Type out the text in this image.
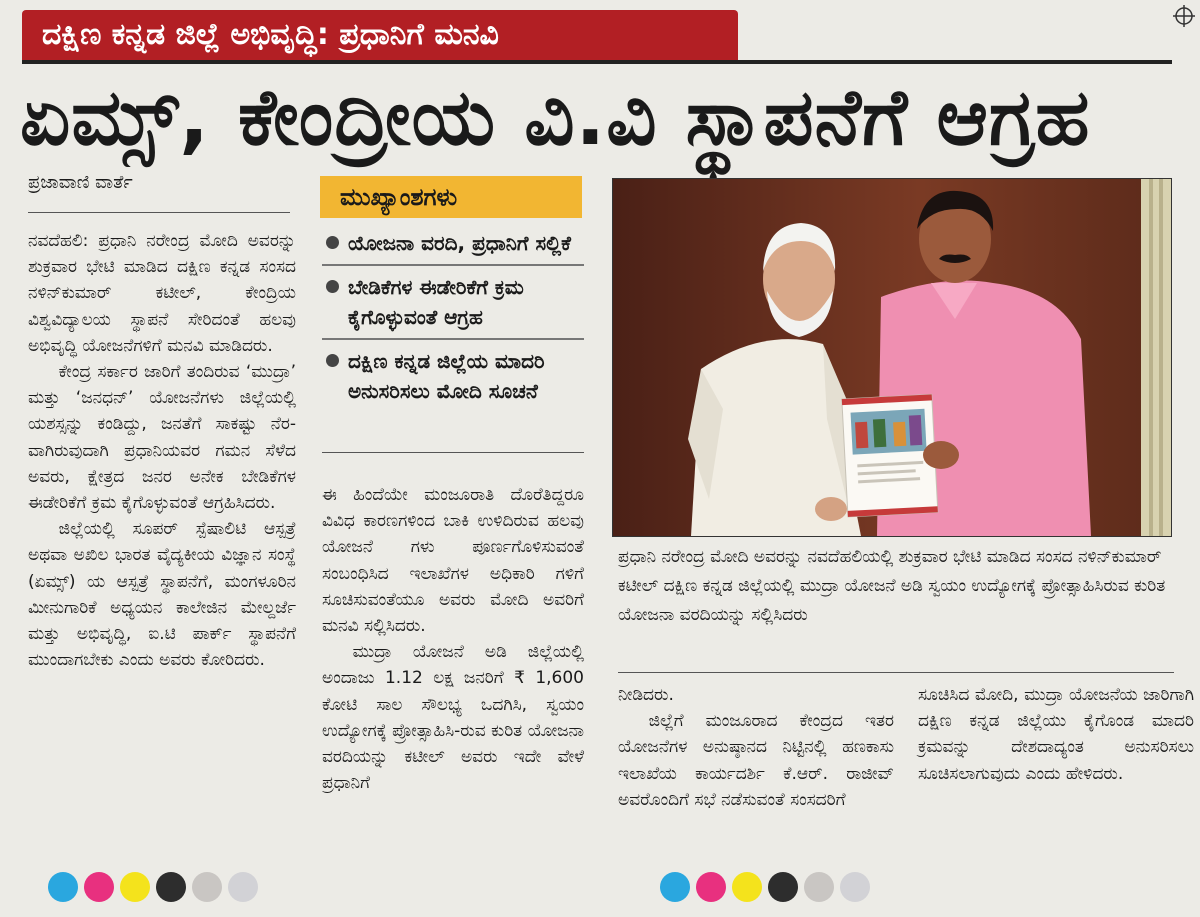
ದಕ್ಷಿಣ ಕನ್ನಡ ಜಿಲ್ಲೆ ಅಭಿವೃದ್ಧಿ: ಪ್ರಧಾನಿಗೆ ಮನವಿ
ಏಮ್ಸ್, ಕೇಂದ್ರೀಯ ವಿ.ವಿ ಸ್ಥಾಪನೆಗೆ ಆಗ್ರಹ
ಪ್ರಜಾವಾಣಿ ವಾರ್ತೆ

ನವದೆಹಲಿ: ಪ್ರಧಾನಿ ನರೇಂದ್ರ ಮೋದಿ ಅವರನ್ನು ಶುಕ್ರವಾರ ಭೇಟಿ ಮಾಡಿದ ದಕ್ಷಿಣ ಕನ್ನಡ ಸಂಸದ ನಳಿನ್‌ಕುಮಾರ್ ಕಟೀಲ್, ಕೇಂದ್ರಿಯ ವಿಶ್ವವಿದ್ಯಾಲಯ ಸ್ಥಾಪನೆ ಸೇರಿದಂತೆ ಹಲವು ಅಭಿವೃದ್ಧಿ ಯೋಜನೆಗಳಿಗೆ ಮನವಿ ಮಾಡಿದರು.

ಕೇಂದ್ರ ಸರ್ಕಾರ ಜಾರಿಗೆ ತಂದಿರುವ ‘ಮುದ್ರಾ’ ಮತ್ತು ‘ಜನಧನ್’ ಯೋಜನೆಗಳು ಜಿಲ್ಲೆಯಲ್ಲಿ ಯಶಸ್ಸನ್ನು ಕಂಡಿದ್ದು, ಜನತೆಗೆ ಸಾಕಷ್ಟು ನೆರ-ವಾಗಿರುವುದಾಗಿ ಪ್ರಧಾನಿಯವರ ಗಮನ ಸೆಳೆದ ಅವರು, ಕ್ಷೇತ್ರದ ಜನರ ಅನೇಕ ಬೇಡಿಕೆಗಳ ಈಡೇರಿಕೆಗೆ ಕ್ರಮ ಕೈಗೊಳ್ಳುವಂತೆ ಆಗ್ರಹಿಸಿದರು.

ಜಿಲ್ಲೆಯಲ್ಲಿ ಸೂಪರ್ ಸ್ಪೆಷಾಲಿಟಿ ಆಸ್ಪತ್ರೆ ಅಥವಾ ಅಖಿಲ ಭಾರತ ವೈದ್ಯಕೀಯ ವಿಜ್ಞಾನ ಸಂಸ್ಥೆ (ಏಮ್ಸ್) ಯ ಆಸ್ಪತ್ರೆ ಸ್ಥಾಪನೆಗೆ, ಮಂಗಳೂರಿನ ಮೀನುಗಾರಿಕೆ ಅಧ್ಯಯನ ಕಾಲೇಜಿನ ಮೇಲ್ದರ್ಜೆ ಮತ್ತು ಅಭಿವೃದ್ಧಿ, ಐ.ಟಿ ಪಾರ್ಕ್ ಸ್ಥಾಪನೆಗೆ ಮುಂದಾಗಬೇಕು ಎಂದು ಅವರು ಕೋರಿದರು.

ಮುಖ್ಯಾಂಶಗಳು
ಯೋಜನಾ ವರದಿ, ಪ್ರಧಾನಿಗೆ ಸಲ್ಲಿಕೆ
ಬೇಡಿಕೆಗಳ ಈಡೇರಿಕೆಗೆ ಕ್ರಮ ಕೈಗೊಳ್ಳುವಂತೆ ಆಗ್ರಹ
ದಕ್ಷಿಣ ಕನ್ನಡ ಜಿಲ್ಲೆಯ ಮಾದರಿ ಅನುಸರಿಸಲು ಮೋದಿ ಸೂಚನೆ

ಈ ಹಿಂದೆಯೇ ಮಂಜೂರಾತಿ ದೊರೆತಿದ್ದರೂ ವಿವಿಧ ಕಾರಣಗಳಿಂದ ಬಾಕಿ ಉಳಿದಿರುವ ಹಲವು ಯೋಜನೆ ಗಳು ಪೂರ್ಣಗೊಳಿಸುವಂತೆ ಸಂಬಂಧಿಸಿದ ಇಲಾಖೆಗಳ ಅಧಿಕಾರಿ ಗಳಿಗೆ ಸೂಚಿಸುವಂತೆಯೂ ಅವರು ಮೋದಿ ಅವರಿಗೆ ಮನವಿ ಸಲ್ಲಿಸಿದರು.

ಮುದ್ರಾ ಯೋಜನೆ ಅಡಿ ಜಿಲ್ಲೆಯಲ್ಲಿ ಅಂದಾಜು 1.12 ಲಕ್ಷ ಜನರಿಗೆ ₹ 1,600 ಕೋಟಿ ಸಾಲ ಸೌಲಭ್ಯ ಒದಗಿಸಿ, ಸ್ವಯಂ ಉದ್ಯೋಗಕ್ಕೆ ಪ್ರೋತ್ಸಾಹಿಸಿ-ರುವ ಕುರಿತ ಯೋಜನಾ ವರದಿಯನ್ನು ಕಟೀಲ್ ಅವರು ಇದೇ ವೇಳೆ ಪ್ರಧಾನಿಗೆ

ಪ್ರಧಾನಿ ನರೇಂದ್ರ ಮೋದಿ ಅವರನ್ನು ನವದೆಹಲಿಯಲ್ಲಿ ಶುಕ್ರವಾರ ಭೇಟಿ ಮಾಡಿದ ಸಂಸದ ನಳಿನ್‌ಕುಮಾರ್ ಕಟೀಲ್ ದಕ್ಷಿಣ ಕನ್ನಡ ಜಿಲ್ಲೆಯಲ್ಲಿ ಮುದ್ರಾ ಯೋಜನೆ ಅಡಿ ಸ್ವಯಂ ಉದ್ಯೋಗಕ್ಕೆ ಪ್ರೋತ್ಸಾಹಿಸಿರುವ ಕುರಿತ ಯೋಜನಾ ವರದಿಯನ್ನು ಸಲ್ಲಿಸಿದರು

ನೀಡಿದರು.

ಜಿಲ್ಲೆಗೆ ಮಂಜೂರಾದ ಕೇಂದ್ರದ ಇತರ ಯೋಜನೆಗಳ ಅನುಷ್ಠಾನದ ನಿಟ್ಟಿನಲ್ಲಿ ಹಣಕಾಸು ಇಲಾಖೆಯ ಕಾರ್ಯದರ್ಶಿ ಕೆ.ಆರ್. ರಾಜೀವ್ ಅವರೊಂದಿಗೆ ಸಭೆ ನಡೆಸುವಂತೆ ಸಂಸದರಿಗೆ

ಸೂಚಿಸಿದ ಮೋದಿ, ಮುದ್ರಾ ಯೋಜನೆಯ ಜಾರಿಗಾಗಿ ದಕ್ಷಿಣ ಕನ್ನಡ ಜಿಲ್ಲೆಯು ಕೈಗೊಂಡ ಮಾದರಿ ಕ್ರಮವನ್ನು ದೇಶದಾದ್ಯಂತ ಅನುಸರಿಸಲು ಸೂಚಿಸಲಾಗುವುದು ಎಂದು ಹೇಳಿದರು.
